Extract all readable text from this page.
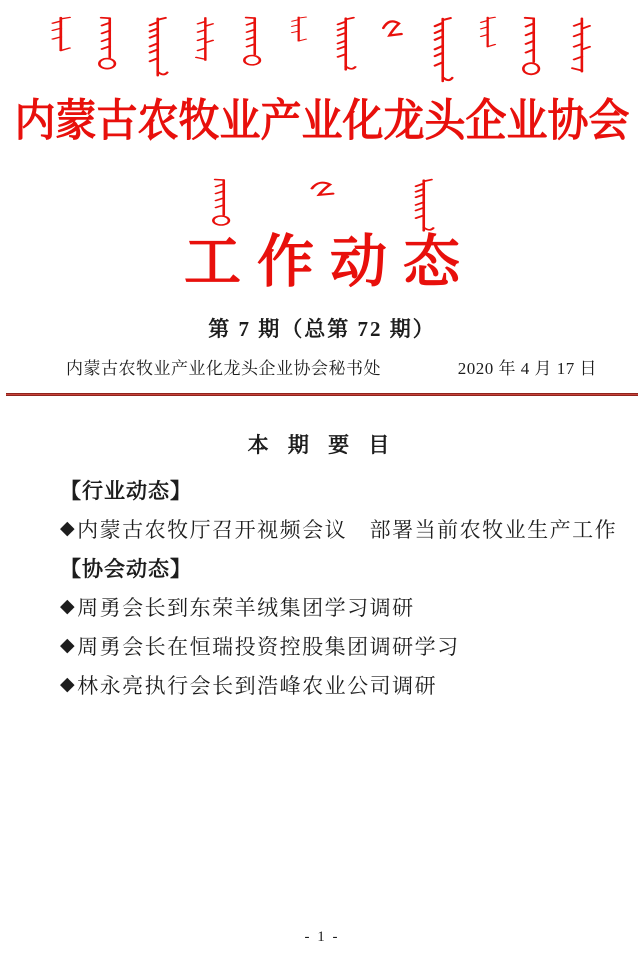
内蒙古农牧业产业化龙头企业协会
工作动态
第 7 期（总第 72 期）
内蒙古农牧业产业化龙头企业协会秘书处	2020 年 4 月 17 日
本 期 要 目
【行业动态】
◆ 内蒙古农牧厅召开视频会议　部署当前农牧业生产工作
【协会动态】
◆ 周勇会长到东荣羊绒集团学习调研
◆ 周勇会长在恒瑞投资控股集团调研学习
◆ 林永亮执行会长到浩峰农业公司调研
- 1 -
